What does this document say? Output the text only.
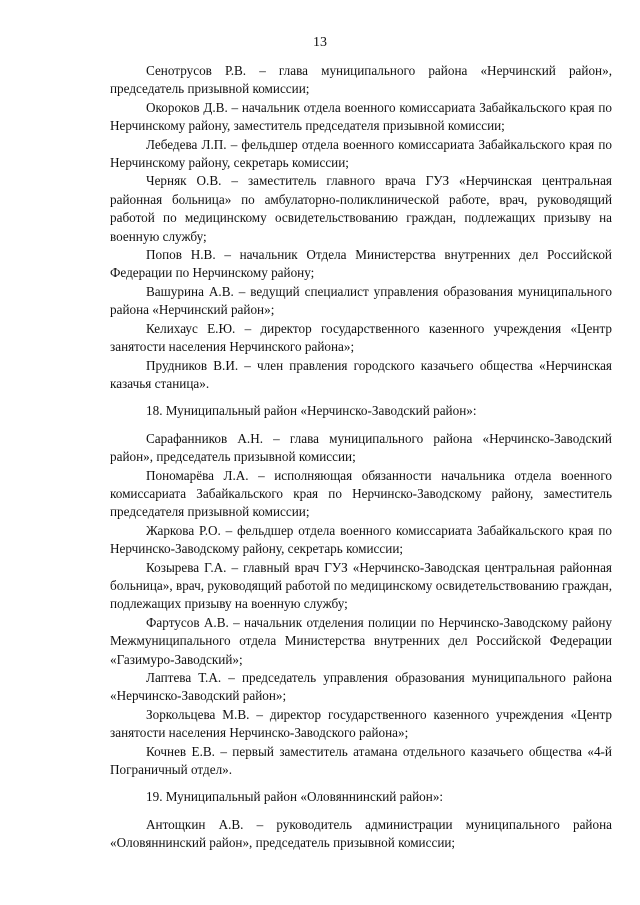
13

Сенотрусов Р.В. – глава муниципального района «Нерчинский район», председатель призывной комиссии;

Окороков Д.В. – начальник отдела военного комиссариата Забайкальского края по Нерчинскому району, заместитель председателя призывной комиссии;

Лебедева Л.П. – фельдшер отдела военного комиссариата Забайкальского края по Нерчинскому району, секретарь комиссии;

Черняк О.В. – заместитель главного врача ГУЗ «Нерчинская центральная районная больница» по амбулаторно-поликлинической работе, врач, руководящий работой по медицинскому освидетельствованию граждан, подлежащих призыву на военную службу;

Попов Н.В. – начальник Отдела Министерства внутренних дел Российской Федерации по Нерчинскому району;

Вашурина А.В. – ведущий специалист управления образования муниципального района «Нерчинский район»;

Келихаус Е.Ю. – директор государственного казенного учреждения «Центр занятости населения Нерчинского района»;

Прудников В.И. – член правления городского казачьего общества «Нерчинская казачья станица».

18. Муниципальный район «Нерчинско-Заводский район»:

Сарафанников А.Н. – глава муниципального района «Нерчинско-Заводский район», председатель призывной комиссии;

Пономарёва Л.А. – исполняющая обязанности начальника отдела военного комиссариата Забайкальского края по Нерчинско-Заводскому району, заместитель председателя призывной комиссии;

Жаркова Р.О. – фельдшер отдела военного комиссариата Забайкальского края по Нерчинско-Заводскому району, секретарь комиссии;

Козырева Г.А. – главный врач ГУЗ «Нерчинско-Заводская центральная районная больница», врач, руководящий работой по медицинскому освидетельствованию граждан, подлежащих призыву на военную службу;

Фартусов А.В. – начальник отделения полиции по Нерчинско-Заводскому району Межмуниципального отдела Министерства внутренних дел Российской Федерации «Газимуро-Заводский»;

Лаптева Т.А. – председатель управления образования муниципального района «Нерчинско-Заводский район»;

Зоркольцева М.В. – директор государственного казенного учреждения «Центр занятости населения Нерчинско-Заводского района»;

Кочнев Е.В. – первый заместитель атамана отдельного казачьего общества «4-й Пограничный отдел».

19. Муниципальный район «Оловяннинский район»:

Антощкин А.В. – руководитель администрации муниципального района «Оловяннинский район», председатель призывной комиссии;
